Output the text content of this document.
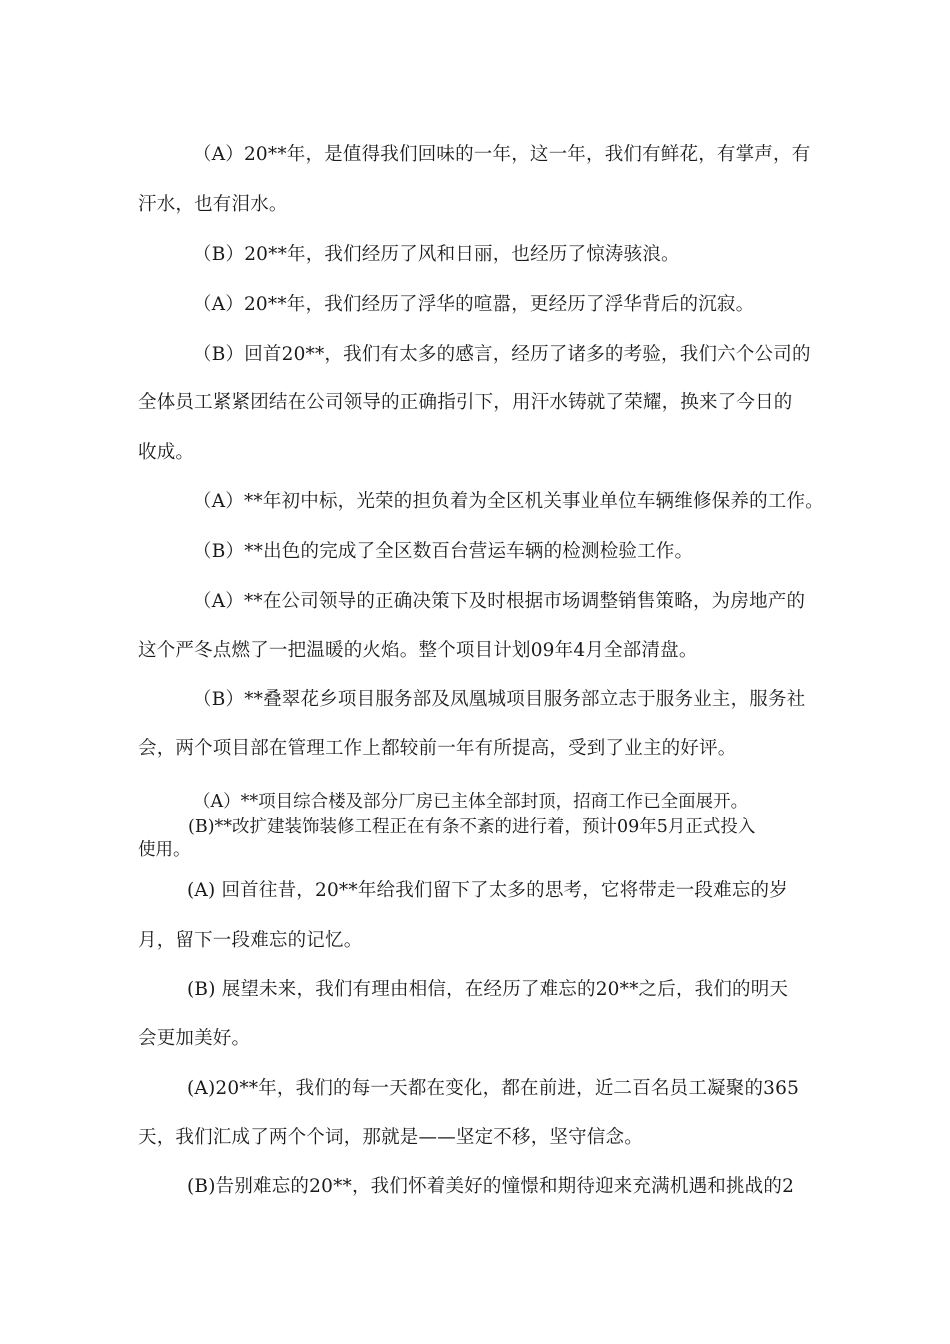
（A）20**年，是值得我们回味的一年，这一年，我们有鲜花，有掌声，有
汗水，也有泪水。
（B）20**年，我们经历了风和日丽，也经历了惊涛骇浪。
（A）20**年，我们经历了浮华的喧嚣，更经历了浮华背后的沉寂。
（B）回首20**，我们有太多的感言，经历了诸多的考验，我们六个公司的
全体员工紧紧团结在公司领导的正确指引下，用汗水铸就了荣耀，换来了今日的
收成。
（A）**年初中标，光荣的担负着为全区机关事业单位车辆维修保养的工作。
（B）**出色的完成了全区数百台营运车辆的检测检验工作。
（A）**在公司领导的正确决策下及时根据市场调整销售策略，为房地产的
这个严冬点燃了一把温暖的火焰。整个项目计划09年4月全部清盘。
（B）**叠翠花乡项目服务部及凤凰城项目服务部立志于服务业主，服务社
会，两个项目部在管理工作上都较前一年有所提高，受到了业主的好评。
（A）**项目综合楼及部分厂房已主体全部封顶，招商工作已全面展开。
(B)**改扩建装饰装修工程正在有条不紊的进行着，预计09年5月正式投入
使用。
(A) 回首往昔，20**年给我们留下了太多的思考，它将带走一段难忘的岁
月，留下一段难忘的记忆。
(B) 展望未来，我们有理由相信，在经历了难忘的20**之后，我们的明天
会更加美好。
(A)20**年，我们的每一天都在变化，都在前进，近二百名员工凝聚的365
天，我们汇成了两个个词，那就是——坚定不移，坚守信念。
(B)告别难忘的20**，我们怀着美好的憧憬和期待迎来充满机遇和挑战的2
